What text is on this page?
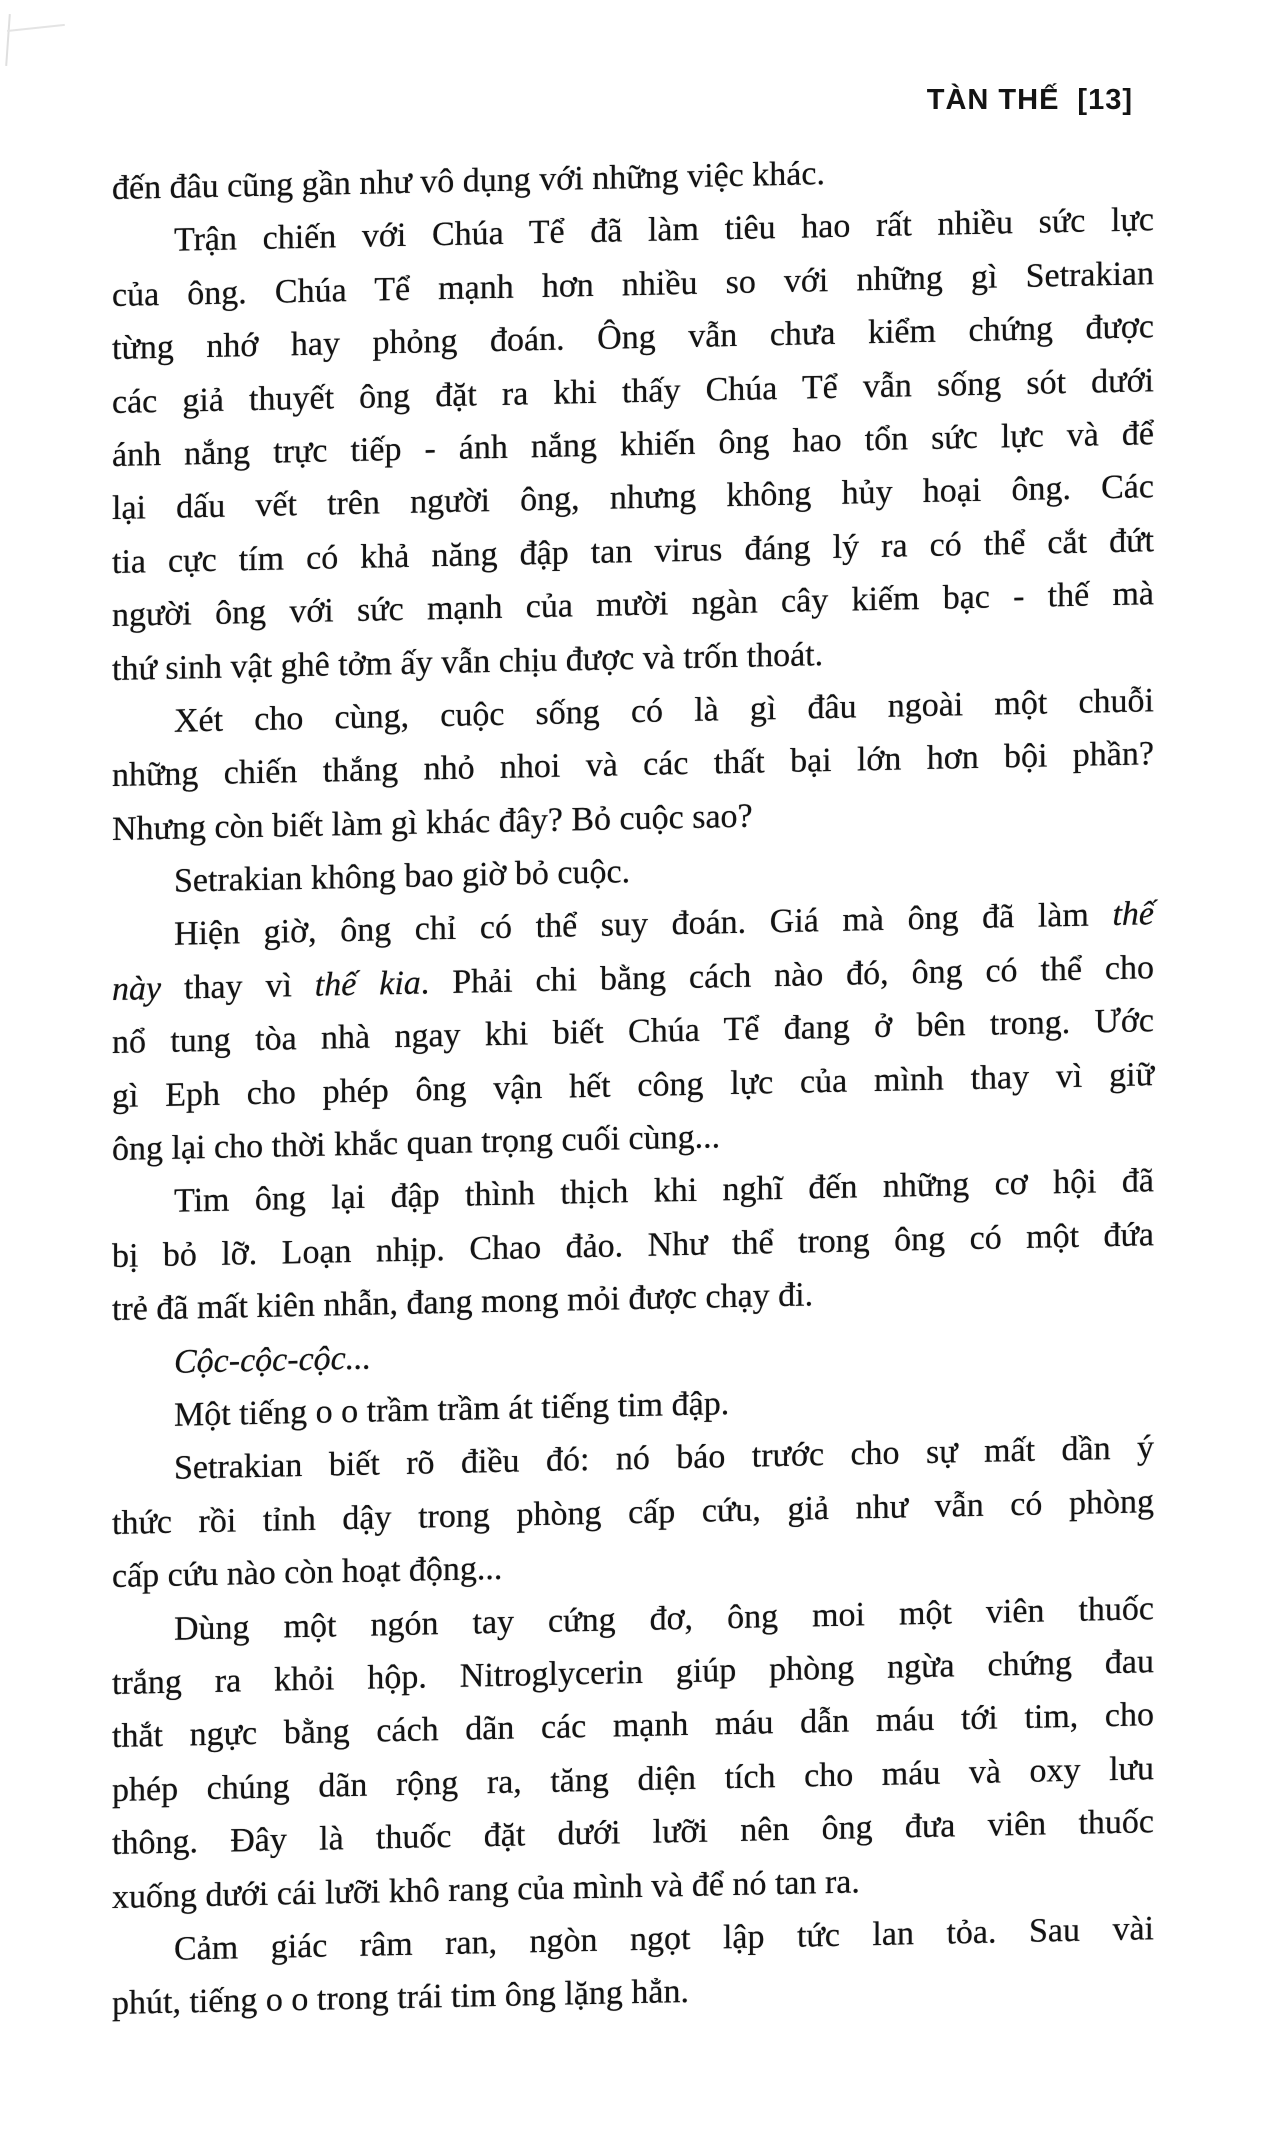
TÀN THẾ [13]
đến đâu cũng gần như vô dụng với những việc khác.
Trận chiến với Chúa Tể đã làm tiêu hao rất nhiều sức lực
của ông. Chúa Tể mạnh hơn nhiều so với những gì Setrakian
từng nhớ hay phỏng đoán. Ông vẫn chưa kiểm chứng được
các giả thuyết ông đặt ra khi thấy Chúa Tể vẫn sống sót dưới
ánh nắng trực tiếp - ánh nắng khiến ông hao tổn sức lực và để
lại dấu vết trên người ông, nhưng không hủy hoại ông. Các
tia cực tím có khả năng đập tan virus đáng lý ra có thể cắt đứt
người ông với sức mạnh của mười ngàn cây kiếm bạc - thế mà
thứ sinh vật ghê tởm ấy vẫn chịu được và trốn thoát.
Xét cho cùng, cuộc sống có là gì đâu ngoài một chuỗi
những chiến thắng nhỏ nhoi và các thất bại lớn hơn bội phần?
Nhưng còn biết làm gì khác đây? Bỏ cuộc sao?
Setrakian không bao giờ bỏ cuộc.
Hiện giờ, ông chỉ có thể suy đoán. Giá mà ông đã làm thế
này thay vì thế kia. Phải chi bằng cách nào đó, ông có thể cho
nổ tung tòa nhà ngay khi biết Chúa Tể đang ở bên trong. Ước
gì Eph cho phép ông vận hết công lực của mình thay vì giữ
ông lại cho thời khắc quan trọng cuối cùng...
Tim ông lại đập thình thịch khi nghĩ đến những cơ hội đã
bị bỏ lỡ. Loạn nhịp. Chao đảo. Như thể trong ông có một đứa
trẻ đã mất kiên nhẫn, đang mong mỏi được chạy đi.
Cộc-cộc-cộc...
Một tiếng o o trầm trầm át tiếng tim đập.
Setrakian biết rõ điều đó: nó báo trước cho sự mất dần ý
thức rồi tỉnh dậy trong phòng cấp cứu, giả như vẫn có phòng
cấp cứu nào còn hoạt động...
Dùng một ngón tay cứng đơ, ông moi một viên thuốc
trắng ra khỏi hộp. Nitroglycerin giúp phòng ngừa chứng đau
thắt ngực bằng cách dãn các mạnh máu dẫn máu tới tim, cho
phép chúng dãn rộng ra, tăng diện tích cho máu và oxy lưu
thông. Đây là thuốc đặt dưới lưỡi nên ông đưa viên thuốc
xuống dưới cái lưỡi khô rang của mình và để nó tan ra.
Cảm giác râm ran, ngòn ngọt lập tức lan tỏa. Sau vài
phút, tiếng o o trong trái tim ông lặng hẳn.
